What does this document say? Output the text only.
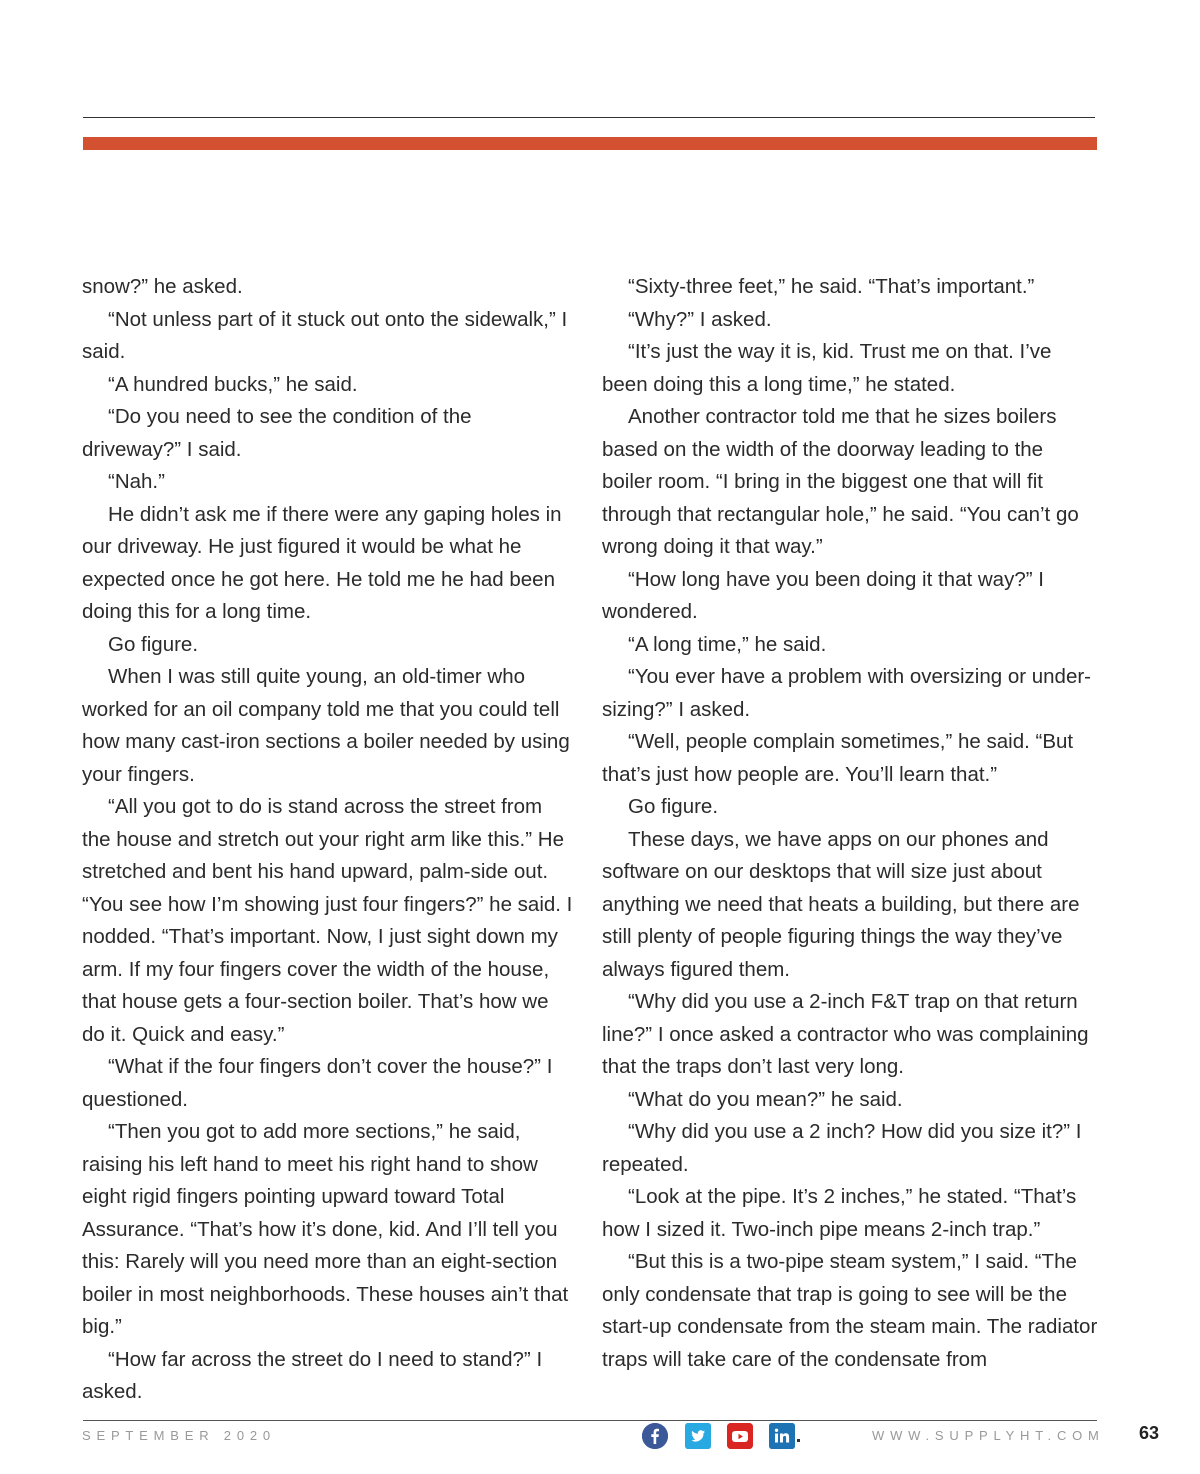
snow?” he asked.

“Not unless part of it stuck out onto the sidewalk,” I said.

“A hundred bucks,” he said.

“Do you need to see the condition of the driveway?” I said.

“Nah.”

He didn’t ask me if there were any gaping holes in our driveway. He just figured it would be what he expected once he got here. He told me he had been doing this for a long time.

Go figure.

When I was still quite young, an old-timer who worked for an oil company told me that you could tell how many cast-iron sections a boiler needed by using your fingers.

“All you got to do is stand across the street from the house and stretch out your right arm like this.” He stretched and bent his hand upward, palm-side out. “You see how I’m showing just four fingers?” he said. I nodded. “That’s important. Now, I just sight down my arm. If my four fingers cover the width of the house, that house gets a four-section boiler. That’s how we do it. Quick and easy.”

“What if the four fingers don’t cover the house?” I questioned.

“Then you got to add more sections,” he said, raising his left hand to meet his right hand to show eight rigid fingers pointing upward toward Total Assurance. “That’s how it’s done, kid. And I’ll tell you this: Rarely will you need more than an eight-section boiler in most neighborhoods. These houses ain’t that big.”

“How far across the street do I need to stand?” I asked.

“Sixty-three feet,” he said. “That’s important.”

“Why?” I asked.

“It’s just the way it is, kid. Trust me on that. I’ve been doing this a long time,” he stated.

Another contractor told me that he sizes boilers based on the width of the doorway leading to the boiler room. “I bring in the biggest one that will fit through that rectangular hole,” he said. “You can’t go wrong doing it that way.”

“How long have you been doing it that way?” I wondered.

“A long time,” he said.

“You ever have a problem with oversizing or under-sizing?” I asked.

“Well, people complain sometimes,” he said. “But that’s just how people are. You’ll learn that.”

Go figure.

These days, we have apps on our phones and software on our desktops that will size just about anything we need that heats a building, but there are still plenty of people figuring things the way they’ve always figured them.

“Why did you use a 2-inch F&T trap on that return line?” I once asked a contractor who was complaining that the traps don’t last very long.

“What do you mean?” he said.

“Why did you use a 2 inch? How did you size it?” I repeated.

“Look at the pipe. It’s 2 inches,” he stated. “That’s how I sized it. Two-inch pipe means 2-inch trap.”

“But this is a two-pipe steam system,” I said. “The only condensate that trap is going to see will be the start-up condensate from the steam main. The radiator traps will take care of the condensate from

SEPTEMBER 2020	WWW.SUPPLYHT.COM 63
